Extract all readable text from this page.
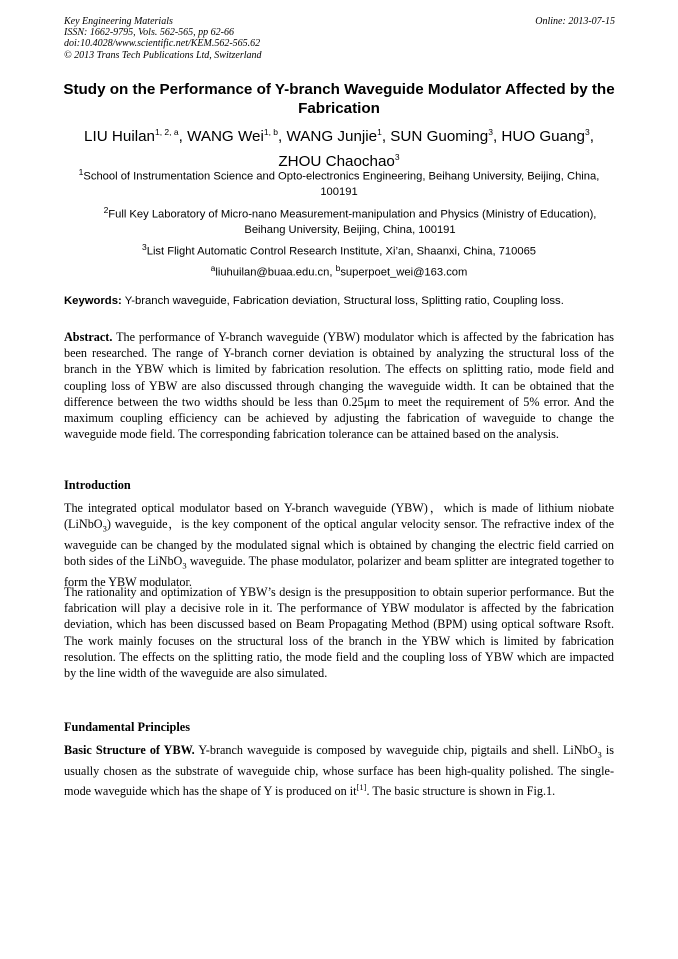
Key Engineering Materials
ISSN: 1662-9795, Vols. 562-565, pp 62-66
doi:10.4028/www.scientific.net/KEM.562-565.62
© 2013 Trans Tech Publications Ltd, Switzerland
Online: 2013-07-15
Study on the Performance of Y-branch Waveguide Modulator Affected by the Fabrication
LIU Huilan$^{1, 2, a}$, WANG Wei$^{1, b}$, WANG Junjie$^1$, SUN Guoming$^3$, HUO Guang$^3$,
ZHOU Chaochao$^3$
$^1$School of Instrumentation Science and Opto-electronics Engineering, Beihang University, Beijing, China, 100191
$^2$Full Key Laboratory of Micro-nano Measurement-manipulation and Physics (Ministry of Education), Beihang University, Beijing, China, 100191
$^3$List Flight Automatic Control Research Institute, Xi’an, Shaanxi, China, 710065
$^a$liuhuilan@buaa.edu.cn, $^b$superpoet_wei@163.com
Keywords: Y-branch waveguide, Fabrication deviation, Structural loss, Splitting ratio, Coupling loss.
Abstract. The performance of Y-branch waveguide (YBW) modulator which is affected by the fabrication has been researched. The range of Y-branch corner deviation is obtained by analyzing the structural loss of the branch in the YBW which is limited by fabrication resolution. The effects on splitting ratio, mode field and coupling loss of YBW are also discussed through changing the waveguide width. It can be obtained that the difference between the two widths should be less than 0.25μm to meet the requirement of 5% error. And the maximum coupling efficiency can be achieved by adjusting the fabrication of waveguide to change the waveguide mode field. The corresponding fabrication tolerance can be attained based on the analysis.
Introduction
The integrated optical modulator based on Y-branch waveguide (YBW)，which is made of lithium niobate (LiNbO$_3$) waveguide，is the key component of the optical angular velocity sensor. The refractive index of the waveguide can be changed by the modulated signal which is obtained by changing the electric field carried on both sides of the LiNbO$_3$ waveguide. The phase modulator, polarizer and beam splitter are integrated together to form the YBW modulator.
The rationality and optimization of YBW’s design is the presupposition to obtain superior performance. But the fabrication will play a decisive role in it. The performance of YBW modulator is affected by the fabrication deviation, which has been discussed based on Beam Propagating Method (BPM) using optical software Rsoft. The work mainly focuses on the structural loss of the branch in the YBW which is limited by fabrication resolution. The effects on the splitting ratio, the mode field and the coupling loss of YBW which are impacted by the line width of the waveguide are also simulated.
Fundamental Principles
Basic Structure of YBW. Y-branch waveguide is composed by waveguide chip, pigtails and shell. LiNbO$_3$ is usually chosen as the substrate of waveguide chip, whose surface has been high-quality polished. The single-mode waveguide which has the shape of Y is produced on it[1]. The basic structure is shown in Fig.1.
